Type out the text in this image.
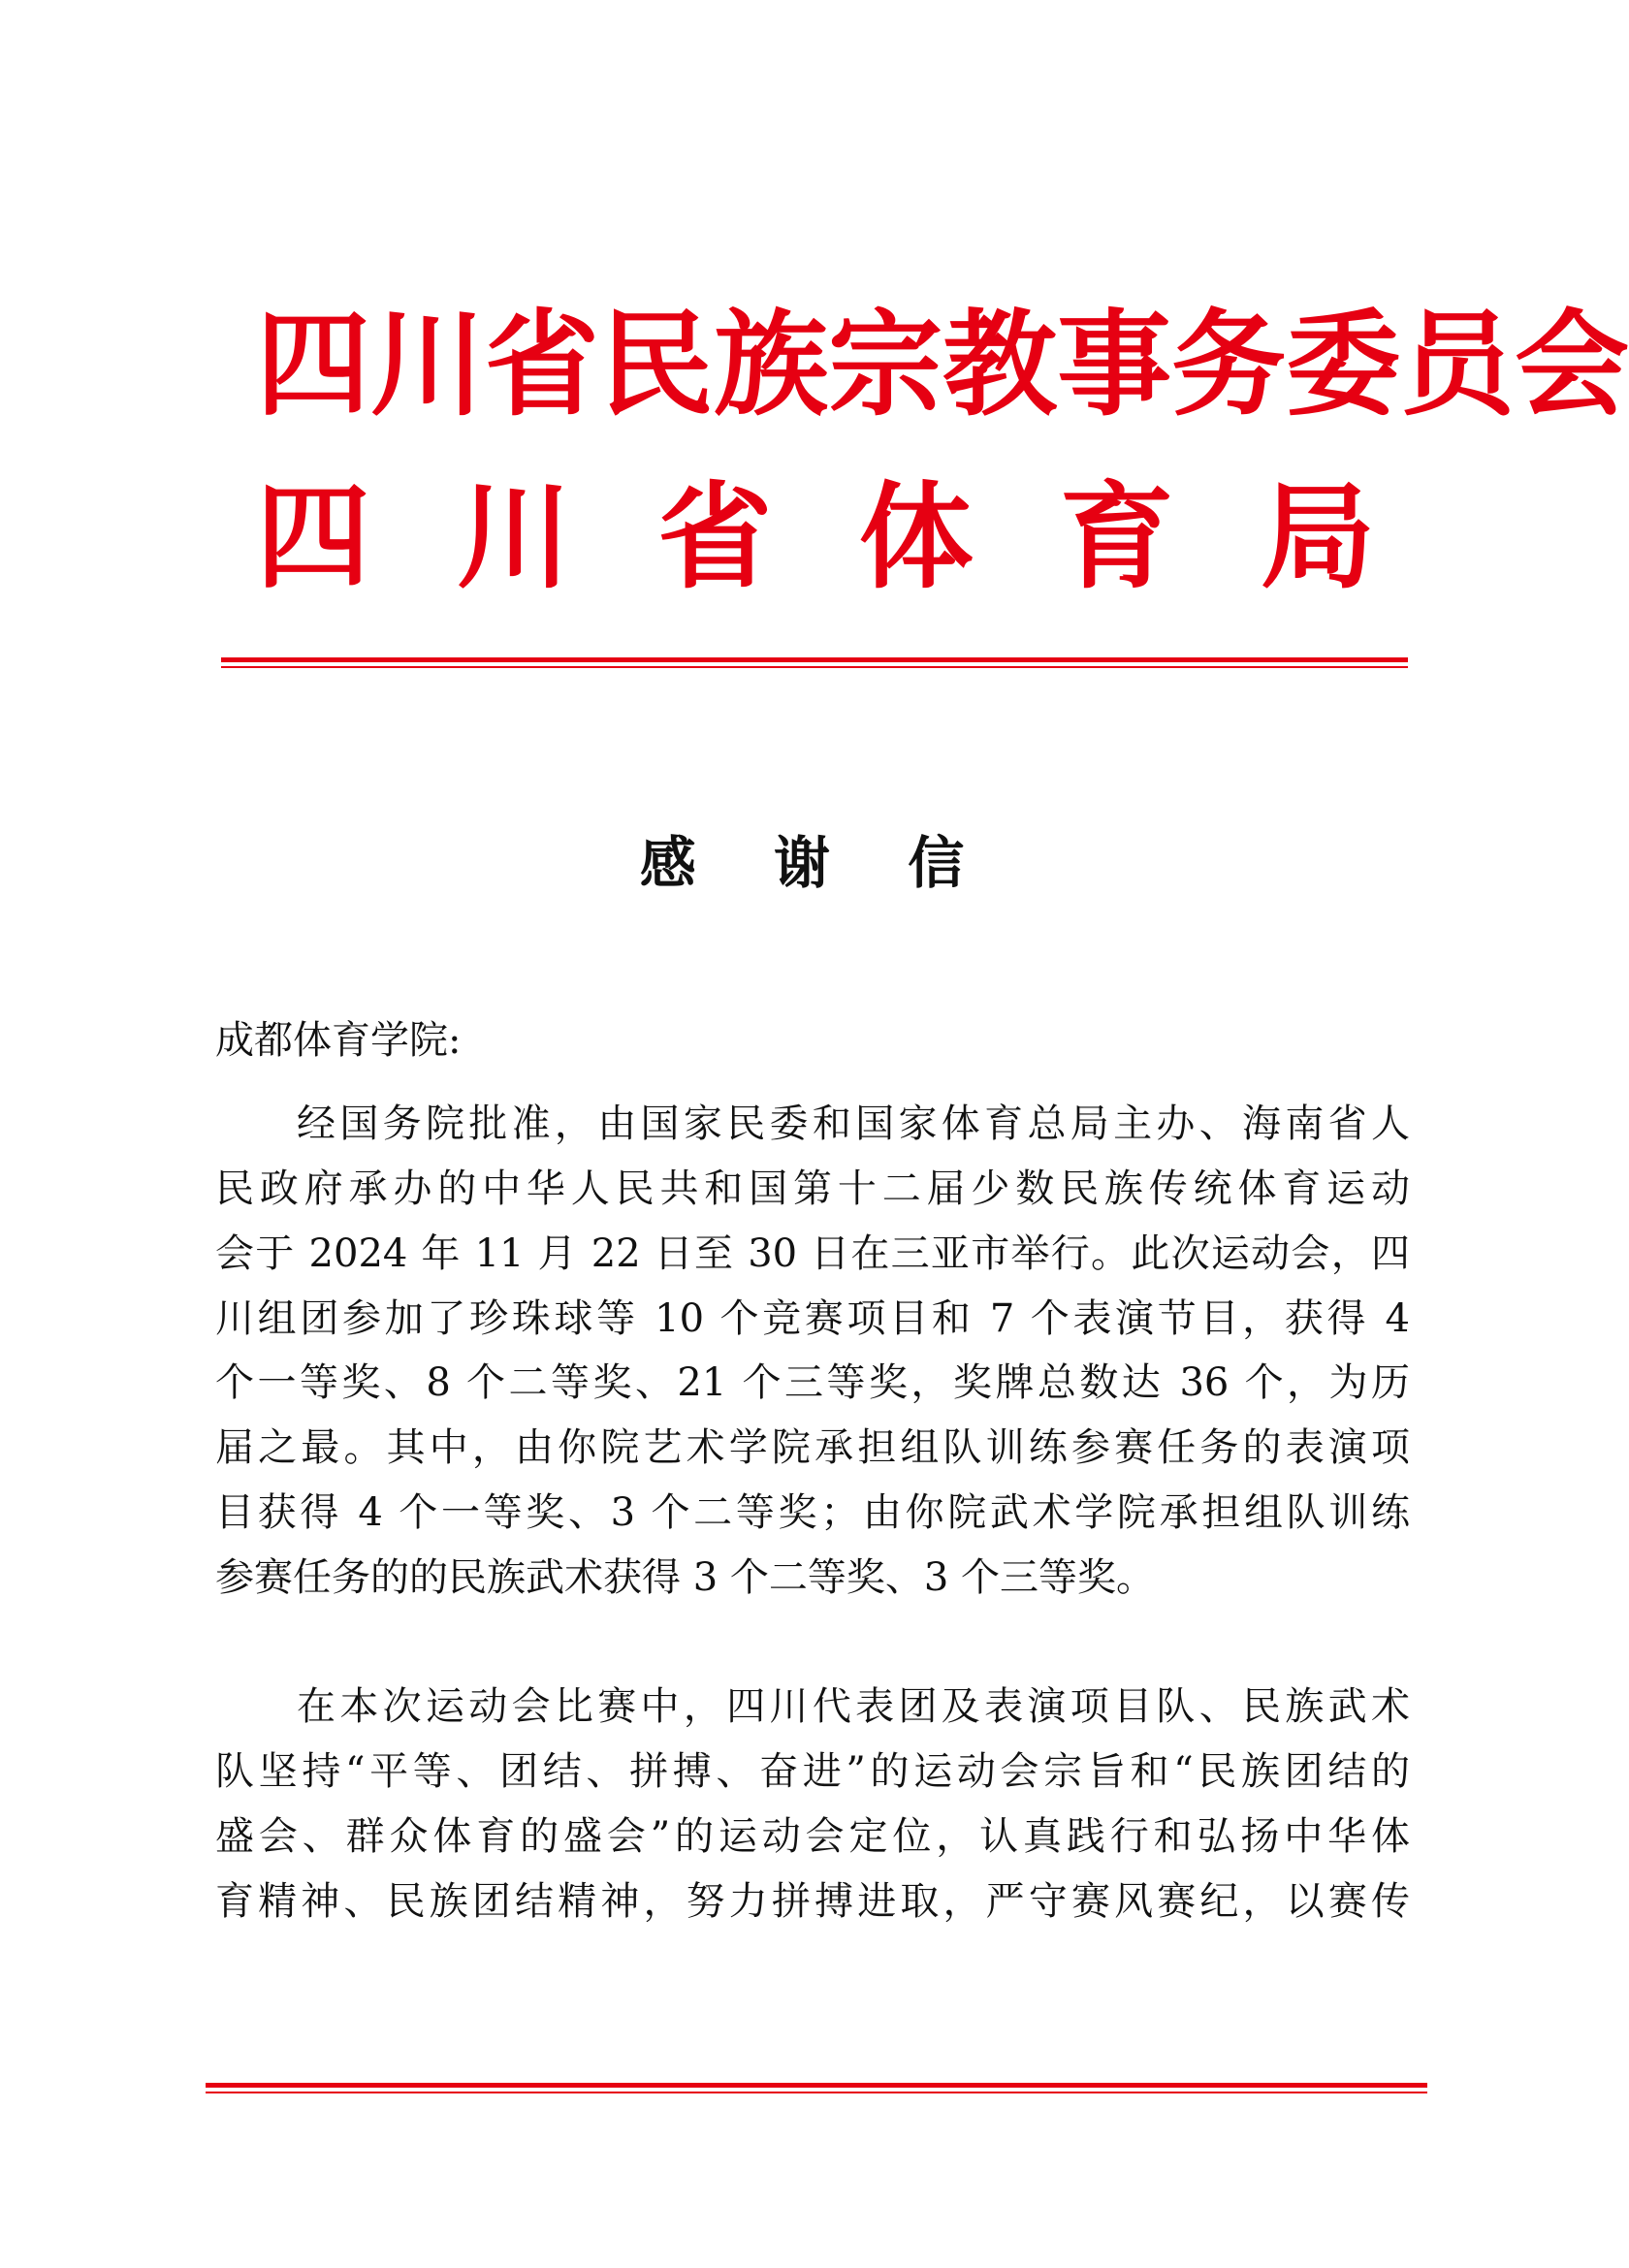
四 川 省 民 族 宗 教 事 务 委 员 会
四 川 省 体 育 局
感 谢 信
成都体育学院:
经国务院批准，由国家民委和国家体育总局主办、海南省人
民政府承办的中华人民共和国第十二届少数民族传统体育运动
会于 2024 年 11 月 22 日至 30 日在三亚市举行。此次运动会，四
川组团参加了珍珠球等 10 个竞赛项目和 7 个表演节目，获得 4
个一等奖、8 个二等奖、21 个三等奖，奖牌总数达 36 个，为历
届之最。其中，由你院艺术学院承担组队训练参赛任务的表演项
目获得 4 个一等奖、3 个二等奖；由你院武术学院承担组队训练
参赛任务的的民族武术获得 3 个二等奖、3 个三等奖。
在本次运动会比赛中，四川代表团及表演项目队、民族武术
队坚持“平等、团结、拼搏、奋进”的运动会宗旨和“民族团结的
盛会、群众体育的盛会”的运动会定位，认真践行和弘扬中华体
育精神、民族团结精神，努力拼搏进取，严守赛风赛纪，以赛传
